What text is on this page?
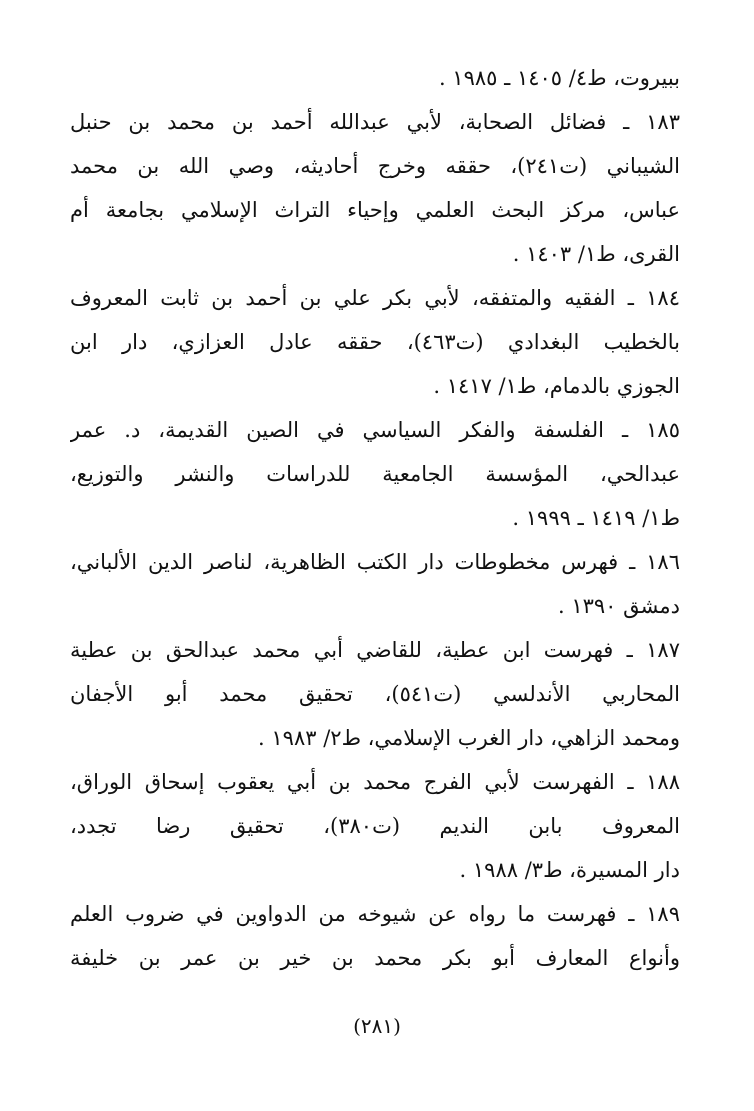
ببيروت، ط٤/ ١٤٠٥ ـ ١٩٨٥ .
١٨٣ ـ فضائل الصحابة، لأبي عبدالله أحمد بن محمد بن حنبل
الشيباني (ت٢٤١)، حققه وخرج أحاديثه، وصي الله بن محمد
عباس، مركز البحث العلمي وإحياء التراث الإسلامي بجامعة أم
القرى، ط١/ ١٤٠٣ .
١٨٤ ـ الفقيه والمتفقه، لأبي بكر علي بن أحمد بن ثابت المعروف
بالخطيب البغدادي (ت٤٦٣)، حققه عادل العزازي، دار ابن
الجوزي بالدمام، ط١/ ١٤١٧ .
١٨٥ ـ الفلسفة والفكر السياسي في الصين القديمة، د. عمر
عبدالحي، المؤسسة الجامعية للدراسات والنشر والتوزيع،
ط١/ ١٤١٩ ـ ١٩٩٩ .
١٨٦ ـ فهرس مخطوطات دار الكتب الظاهرية، لناصر الدين الألباني،
دمشق ١٣٩٠ .
١٨٧ ـ فهرست ابن عطية، للقاضي أبي محمد عبدالحق بن عطية
المحاربي الأندلسي (ت٥٤١)، تحقيق محمد أبو الأجفان
ومحمد الزاهي، دار الغرب الإسلامي، ط٢/ ١٩٨٣ .
١٨٨ ـ الفهرست لأبي الفرج محمد بن أبي يعقوب إسحاق الوراق،
المعروف بابن النديم (ت٣٨٠)، تحقيق رضا تجدد،
دار المسيرة، ط٣/ ١٩٨٨ .
١٨٩ ـ فهرست ما رواه عن شيوخه من الدواوين في ضروب العلم
وأنواع المعارف أبو بكر محمد بن خير بن عمر بن خليفة
(٢٨١)
